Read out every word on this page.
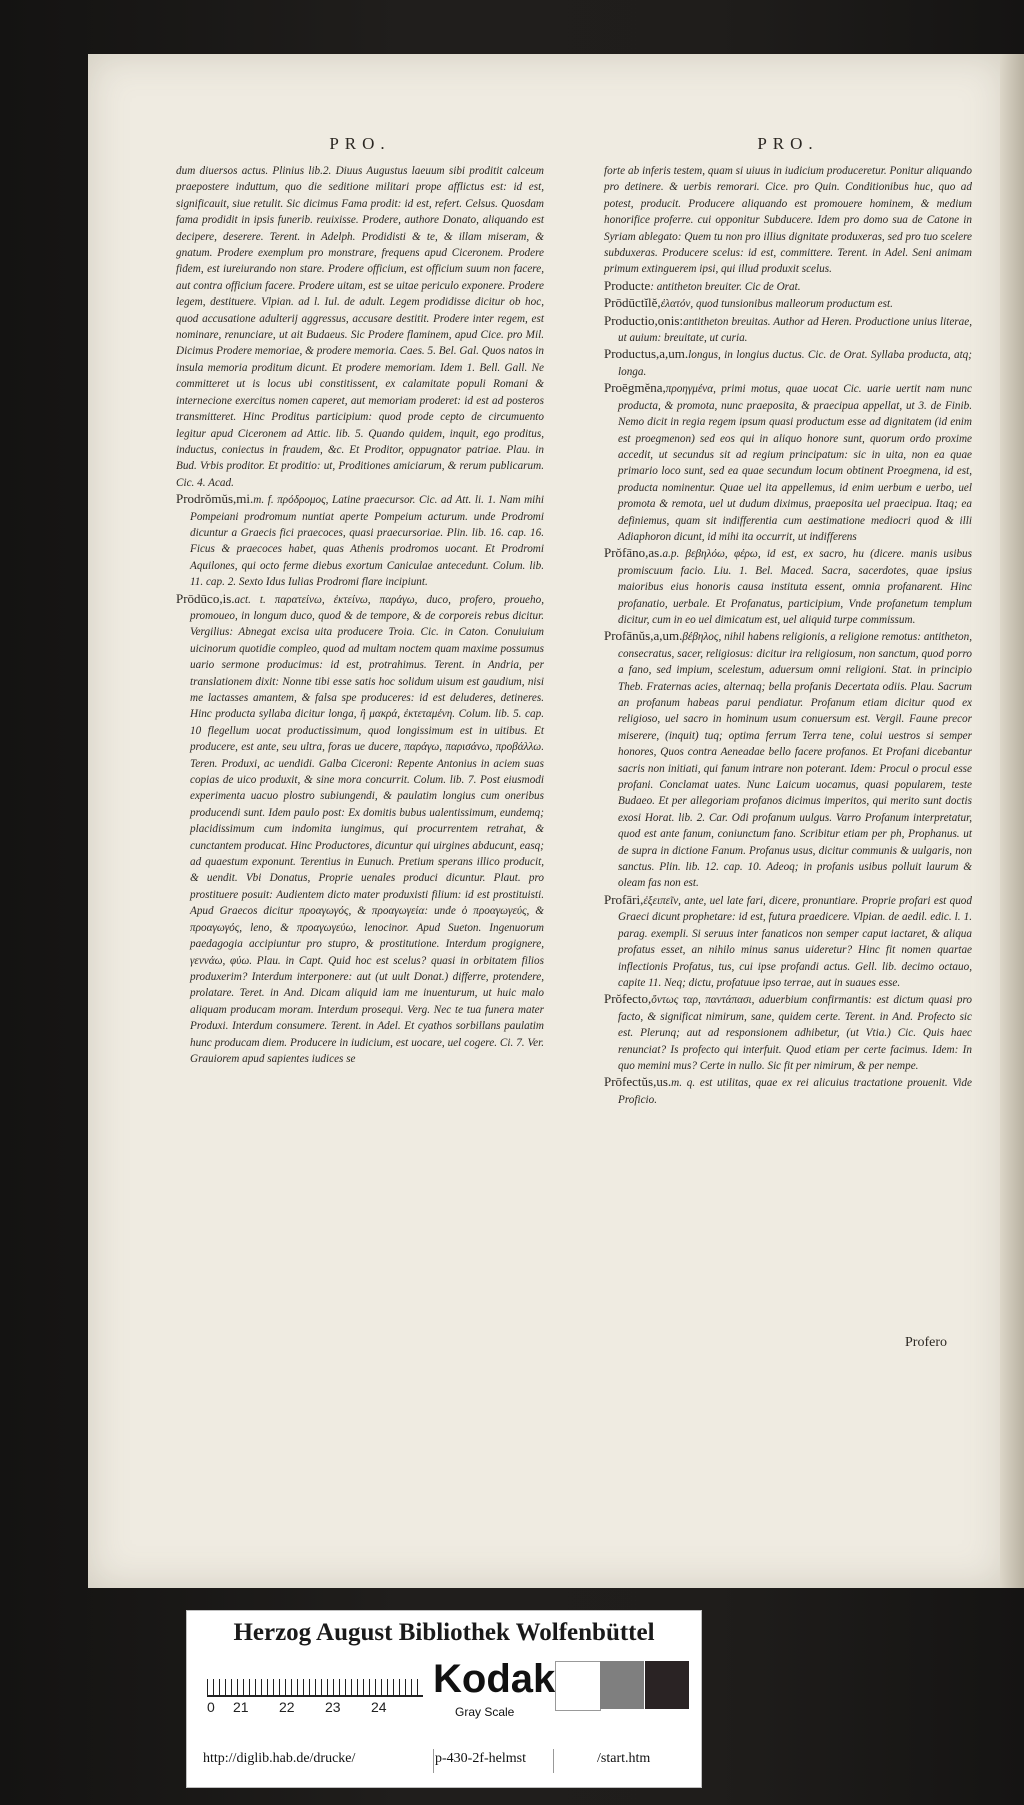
PRO.	PRO.

dum diuersos actus. Plinius lib.2. Diuus Augustus laeuum sibi proditit calceum praepostere induttum, quo die seditione militari prope afflictus est: id est, significauit, siue retulit. Sic dicimus Fama prodit: id est, refert. Celsus. Quosdam fama prodidit in ipsis funerib. reuixisse. Prodere, authore Donato, aliquando est decipere, deserere. Terent. in Adelph. Prodidisti & te, & illam miseram, & gnatum. Prodere exemplum pro monstrare, frequens apud Ciceronem. Prodere fidem, est iureiurando non stare. Prodere officium, est officium suum non facere, aut contra officium facere. Prodere uitam, est se uitae periculo exponere. Prodere legem, destituere. Vlpian. ad l. Iul. de adult. Legem prodidisse dicitur ob hoc, quod accusatione adulterij aggressus, accusare destitit. Prodere inter regem, est nominare, renunciare, ut ait Budaeus. Sic Prodere flaminem, apud Cice. pro Mil. Dicimus Prodere memoriae, & prodere memoria. Caes. 5. Bel. Gal. Quos natos in insula memoria proditum dicunt. Et prodere memoriam. Idem 1. Bell. Gall. Ne committeret ut is locus ubi constitissent, ex calamitate populi Romani & internecione exercitus nomen caperet, aut memoriam proderet: id est ad posteros transmitteret. Hinc Proditus participium: quod prode cepto de circumuento legitur apud Ciceronem ad Attic. lib. 5. Quando quidem, inquit, ego proditus, inductus, coniectus in fraudem, &c. Et Proditor, oppugnator patriae. Plau. in Bud. Vrbis proditor. Et proditio: ut, Proditiones amiciarum, & rerum publicarum. Cic. 4. Acad.

Prodrŏmŭs,mi.m. f. πρόδρομος, Latine praecursor. Cic. ad Att. li. 1. Nam mihi Pompeiani prodromum nuntiat aperte Pompeium acturum. unde Prodromi dicuntur a Graecis fici praecoces, quasi praecursoriae. Plin. lib. 16. cap. 16. Ficus & praecoces habet, quas Athenis prodromos uocant. Et Prodromi Aquilones, qui octo ferme diebus exortum Caniculae antecedunt. Colum. lib. 11. cap. 2. Sexto Idus Iulias Prodromi flare incipiunt.

Prōdūco,is.act. t. παρατείνω, ἐκτείνω, παράγω, duco, profero, proueho, promoueo, in longum duco, quod & de tempore, & de corporeis rebus dicitur. Vergilius: Abnegat excisa uita producere Troia. Cic. in Caton. Conuiuium uicinorum quotidie compleo, quod ad multam noctem quam maxime possumus uario sermone producimus: id est, protrahimus. Terent. in Andria, per translationem dixit: Nonne tibi esse satis hoc solidum uisum est gaudium, nisi me lactasses amantem, & falsa spe produceres: id est deluderes, detineres. Hinc producta syllaba dicitur longa, ἢ μακρά, ἐκτεταμένη. Colum. lib. 5. cap. 10 flegellum uocat productissimum, quod longissimum est in uitibus. Et producere, est ante, seu ultra, foras ue ducere, παράγω, παρισάνω, προβάλλω. Teren. Produxi, ac uendidi. Galba Ciceroni: Repente Antonius in aciem suas copias de uico produxit, & sine mora concurrit. Colum. lib. 7. Post eiusmodi experimenta uacuo plostro subiungendi, & paulatim longius cum oneribus producendi sunt. Idem paulo post: Ex domitis bubus ualentissimum, eundemq; placidissimum cum indomita iungimus, qui procurrentem retrahat, & cunctantem producat. Hinc Productores, dicuntur qui uirgines abducunt, easq; ad quaestum exponunt. Terentius in Eunuch. Pretium sperans illico producit, & uendit. Vbi Donatus, Proprie uenales produci dicuntur. Plaut. pro prostituere posuit: Audientem dicto mater produxisti filium: id est prostituisti. Apud Graecos dicitur προαγωγός, & προαγωγεία: unde ὁ προαγωγεύς, & προαγωγός, leno, & προαγωγεύω, lenocinor. Apud Sueton. Ingenuorum paedagogia accipiuntur pro stupro, & prostitutione. Interdum progignere, γεννάω, φύω. Plau. in Capt. Quid hoc est scelus? quasi in orbitatem filios produxerim? Interdum interponere: aut (ut uult Donat.) differre, protendere, prolatare. Teret. in And. Dicam aliquid iam me inuenturum, ut huic malo aliquam producam moram. Interdum prosequi. Verg. Nec te tua funera mater Produxi. Interdum consumere. Terent. in Adel. Et cyathos sorbillans paulatim hunc producam diem. Producere in iudicium, est uocare, uel cogere. Ci. 7. Ver. Grauiorem apud sapientes iudices se

forte ab inferis testem, quam si uiuus in iudicium produceretur. Ponitur aliquando pro detinere. & uerbis remorari. Cice. pro Quin. Conditionibus huc, quo ad potest, producit. Producere aliquando est promouere hominem, & medium honorifice proferre. cui opponitur Subducere. Idem pro domo sua de Catone in Syriam ablegato: Quem tu non pro illius dignitate produxeras, sed pro tuo scelere subduxeras. Producere scelus: id est, committere. Terent. in Adel. Seni animam primum extinguerem ipsi, qui illud produxit scelus.

Producte: antitheton breuiter. Cic de Orat.

Prōdūctĭlĕ,ἐλατόν, quod tunsionibus malleorum productum est.

Productio,onis:antitheton breuitas. Author ad Heren. Productione unius literae, ut auium: breuitate, ut curia.

Productus,a,um.longus, in longius ductus. Cic. de Orat. Syllaba producta, atq; longa.

Proēgmĕna,προηγμένα, primi motus, quae uocat Cic. uarie uertit nam nunc producta, & promota, nunc praeposita, & praecipua appellat, ut 3. de Finib. Nemo dicit in regia regem ipsum quasi productum esse ad dignitatem (id enim est proegmenon) sed eos qui in aliquo honore sunt, quorum ordo proxime accedit, ut secundus sit ad regium principatum: sic in uita, non ea quae primario loco sunt, sed ea quae secundum locum obtinent Proegmena, id est, producta nominentur. Quae uel ita appellemus, id enim uerbum e uerbo, uel promota & remota, uel ut dudum diximus, praeposita uel praecipua. Itaq; ea definiemus, quam sit indifferentia cum aestimatione mediocri quod & illi Adiaphoron dicunt, id mihi ita occurrit, ut indifferens

Prŏfāno,as.a.p. βεβηλόω, φέρω, id est, ex sacro, hu (dicere. manis usibus promiscuum facio. Liu. 1. Bel. Maced. Sacra, sacerdotes, quae ipsius maioribus eius honoris causa instituta essent, omnia profanarent. Hinc profanatio, uerbale. Et Profanatus, participium, Vnde profanetum templum dicitur, cum in eo uel dimicatum est, uel aliquid turpe commissum.

Profānŭs,a,um.βέβηλος, nihil habens religionis, a religione remotus: antitheton, consecratus, sacer, religiosus: dicitur ira religiosum, non sanctum, quod porro a fano, sed impium, scelestum, aduersum omni religioni. Stat. in principio Theb. Fraternas acies, alternaq; bella profanis Decertata odiis. Plau. Sacrum an profanum habeas parui pendiatur. Profanum etiam dicitur quod ex religioso, uel sacro in hominum usum conuersum est. Vergil. Faune precor miserere, (inquit) tuq; optima ferrum Terra tene, colui uestros si semper honores, Quos contra Aeneadae bello facere profanos. Et Profani dicebantur sacris non initiati, qui fanum intrare non poterant. Idem: Procul o procul esse profani. Conclamat uates. Nunc Laicum uocamus, quasi popularem, teste Budaeo. Et per allegoriam profanos dicimus imperitos, qui merito sunt doctis exosi Horat. lib. 2. Car. Odi profanum uulgus. Varro Profanum interpretatur, quod est ante fanum, coniunctum fano. Scribitur etiam per ph, Prophanus. ut de supra in dictione Fanum. Profanus usus, dicitur communis & uulgaris, non sanctus. Plin. lib. 12. cap. 10. Adeoq; in profanis usibus polluit laurum & oleam fas non est.

Profāri,ἐξειπεῖν, ante, uel late fari, dicere, pronuntiare. Proprie profari est quod Graeci dicunt prophetare: id est, futura praedicere. Vlpian. de aedil. edic. l. 1. parag. exempli. Si seruus inter fanaticos non semper caput iactaret, & aliqua profatus esset, an nihilo minus sanus uideretur? Hinc fit nomen quartae inflectionis Profatus, tus, cui ipse profandi actus. Gell. lib. decimo octauo, capite 11. Neq; dictu, profatuue ipso terrae, aut in suaues esse.

Prŏfecto,ὄντως ταρ, παντάπασι, aduerbium confirmantis: est dictum quasi pro facto, & significat nimirum, sane, quidem certe. Terent. in And. Profecto sic est. Plerunq; aut ad responsionem adhibetur, (ut Vtia.) Cic. Quis haec renunciat? Is profecto qui interfuit. Quod etiam per certe facimus. Idem: In quo memini mus? Certe in nullo. Sic fit per nimirum, & per nempe.

Prōfectŭs,us.m. q. est utilitas, quae ex rei alicuius tractatione prouenit. Vide Proficio.

Profero
Herzog August Bibliothek Wolfenbüttel
0 21 22 23 24
Kodak
Gray Scale
http://diglib.hab.de/drucke/	p-430-2f-helmst	/start.htm
